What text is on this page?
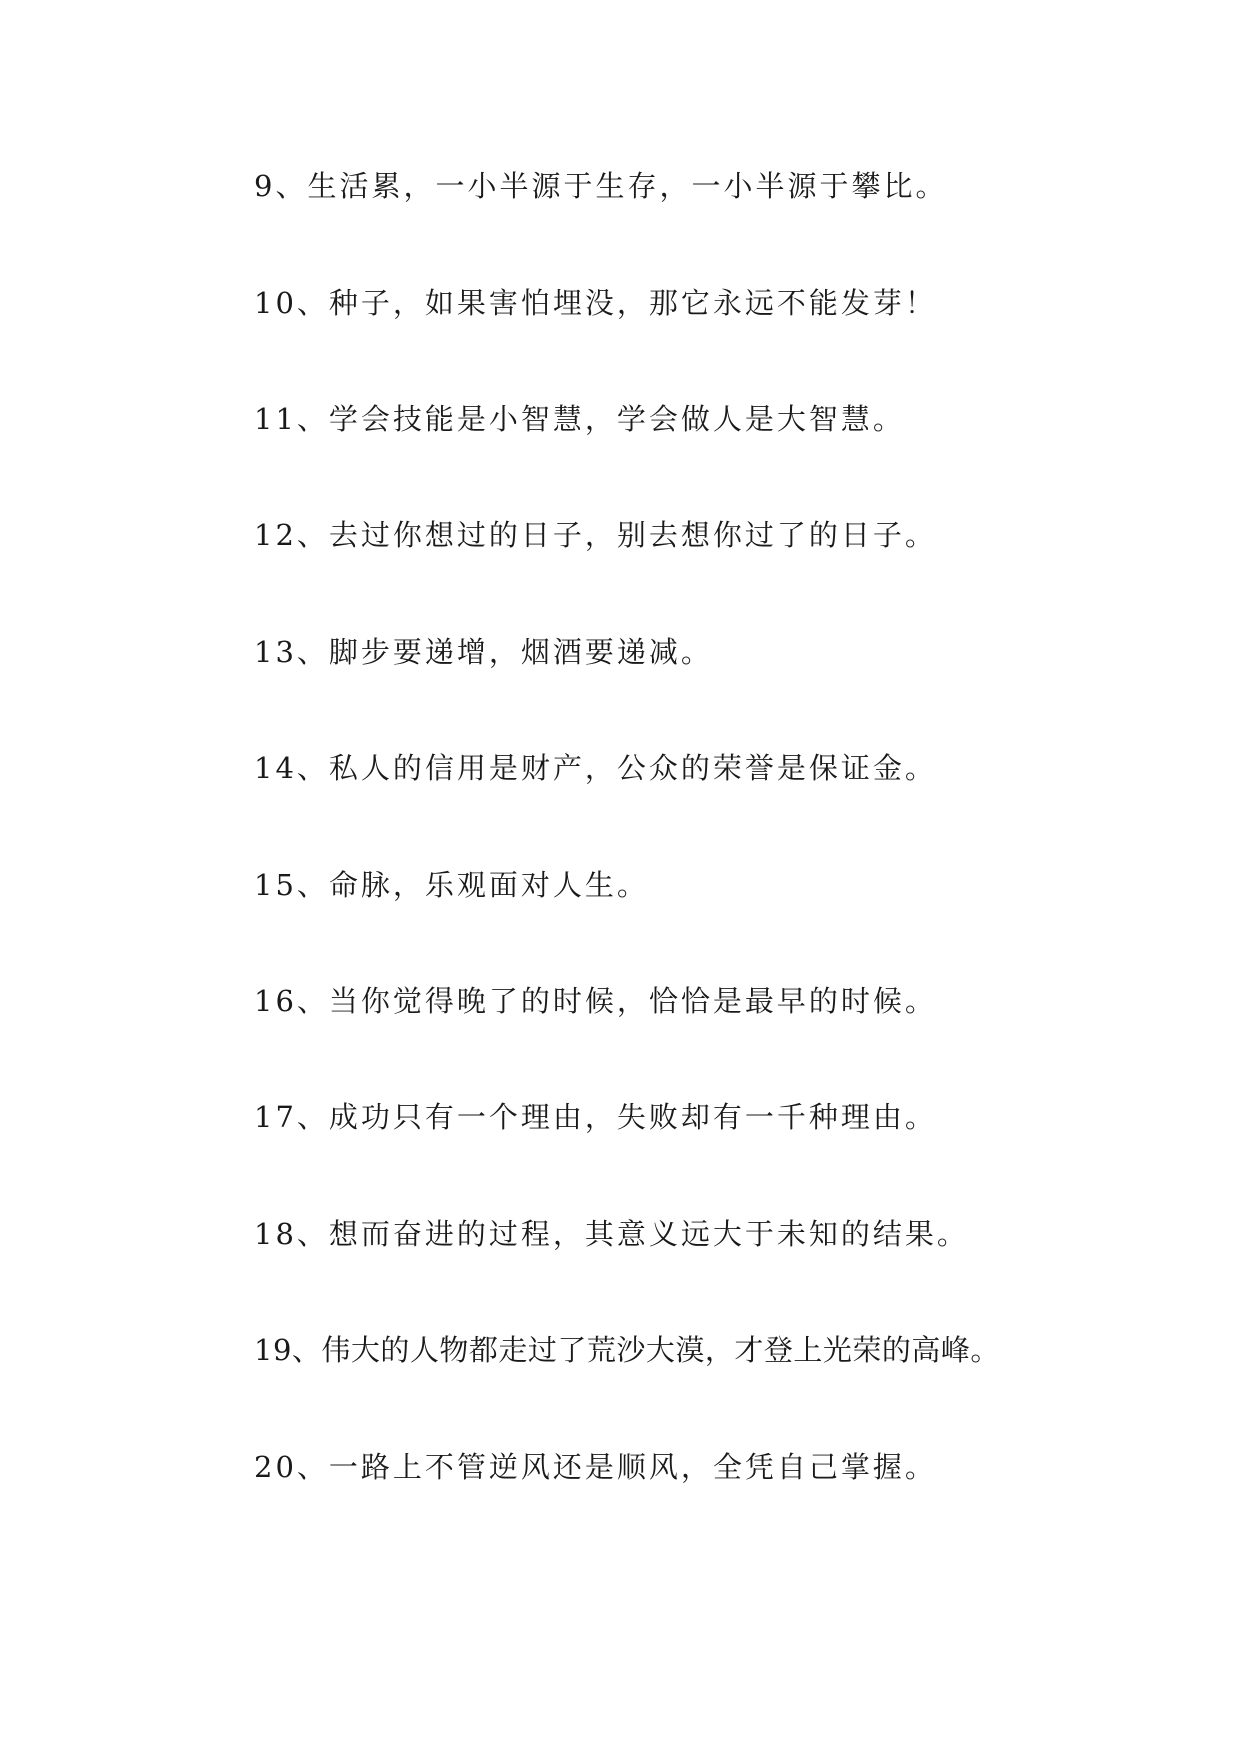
9、生活累，一小半源于生存，一小半源于攀比。
10、种子，如果害怕埋没，那它永远不能发芽！
11、学会技能是小智慧，学会做人是大智慧。
12、去过你想过的日子，别去想你过了的日子。
13、脚步要递增，烟酒要递减。
14、私人的信用是财产，公众的荣誉是保证金。
15、命脉，乐观面对人生。
16、当你觉得晚了的时候，恰恰是最早的时候。
17、成功只有一个理由，失败却有一千种理由。
18、想而奋进的过程，其意义远大于未知的结果。
19、伟大的人物都走过了荒沙大漠，才登上光荣的高峰。
20、一路上不管逆风还是顺风，全凭自己掌握。
